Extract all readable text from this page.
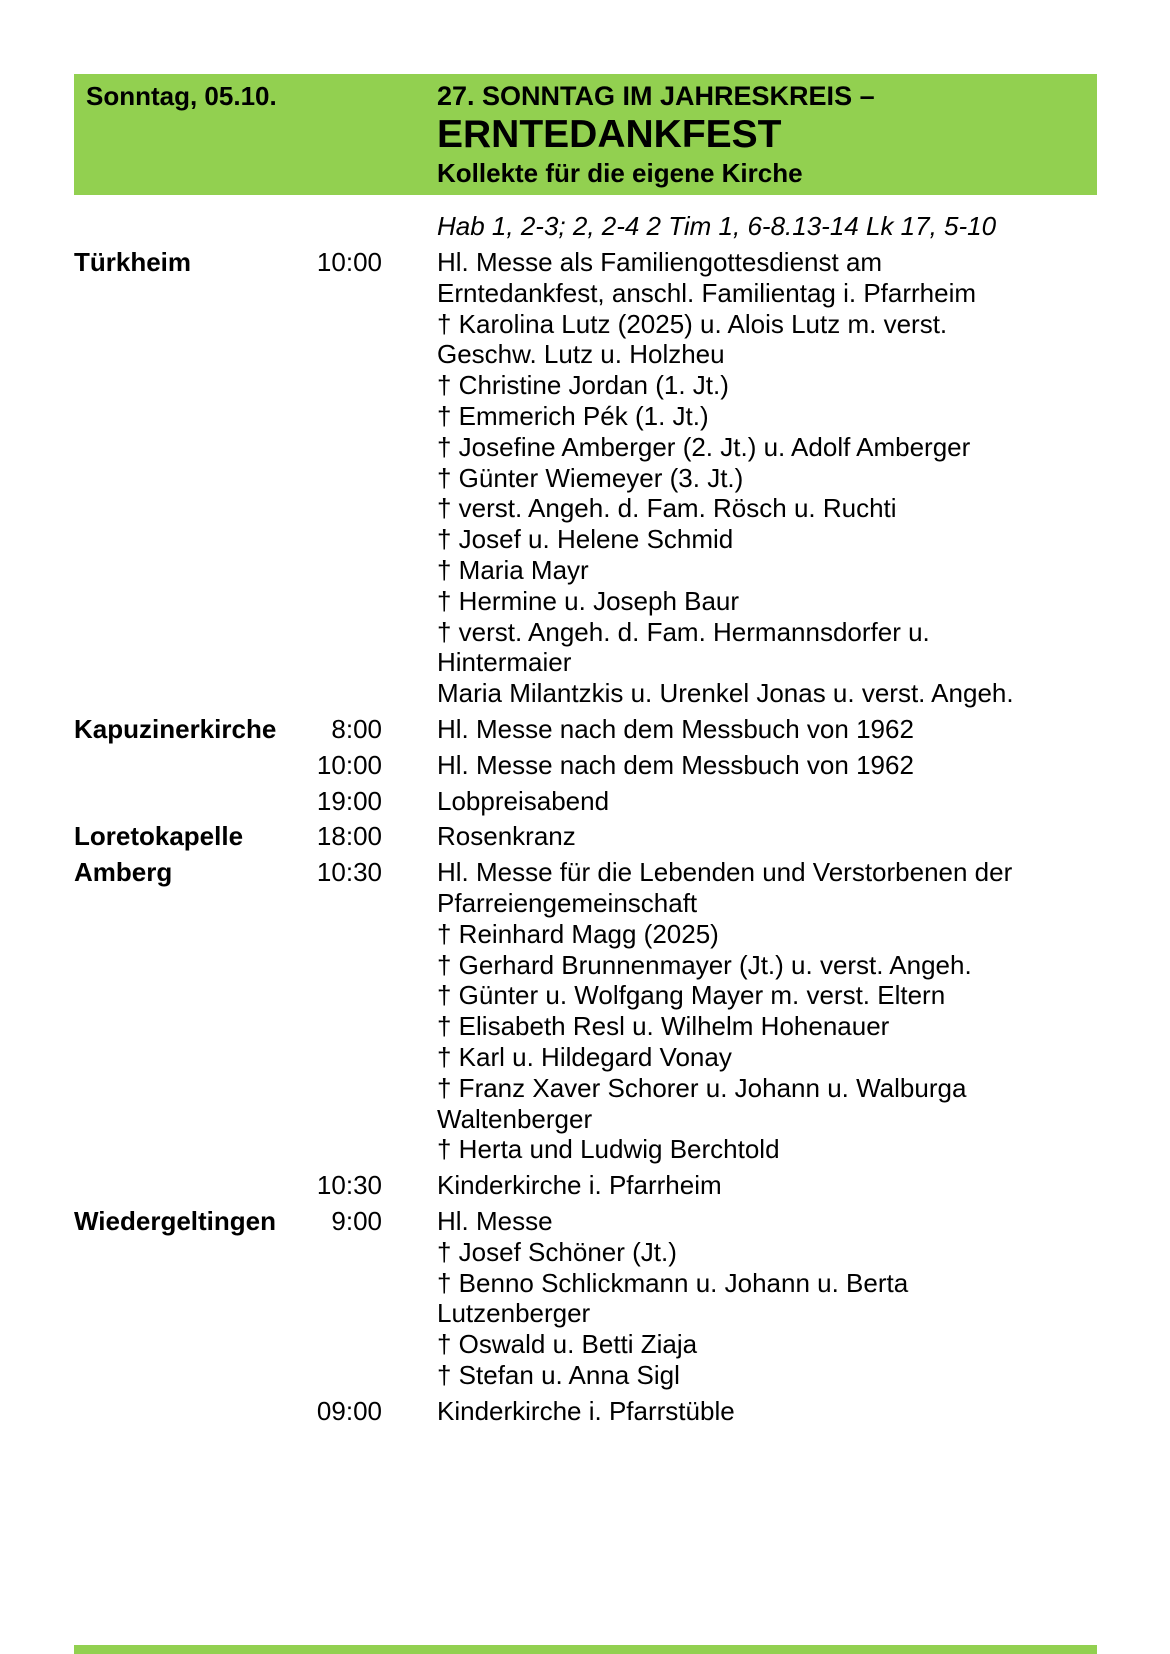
Sonntag, 05.10.	27. SONNTAG IM JAHRESKREIS –
ERNTEDANKFEST
Kollekte für die eigene Kirche
Hab 1, 2-3; 2, 2-4 2 Tim 1, 6-8.13-14 Lk 17, 5-10
Türkheim	10:00 Hl. Messe als Familiengottesdienst am

Erntedankfest, anschl. Familientag i. Pfarrheim

† Karolina Lutz (2025) u. Alois Lutz m. verst.

Geschw. Lutz u. Holzheu

† Christine Jordan (1. Jt.)

† Emmerich Pék (1. Jt.)

† Josefine Amberger (2. Jt.) u. Adolf Amberger

† Günter Wiemeyer (3. Jt.)

† verst. Angeh. d. Fam. Rösch u. Ruchti

† Josef u. Helene Schmid

† Maria Mayr

† Hermine u. Joseph Baur

† verst. Angeh. d. Fam. Hermannsdorfer u.

Hintermaier

Maria Milantzkis u. Urenkel Jonas u. verst. Angeh.

Kapuzinerkirche	8:00 Hl. Messe nach dem Messbuch von 1962

10:00 Hl. Messe nach dem Messbuch von 1962

19:00 Lobpreisabend

Loretokapelle	18:00 Rosenkranz

Amberg	10:30 Hl. Messe für die Lebenden und Verstorbenen der

Pfarreiengemeinschaft

† Reinhard Magg (2025)

† Gerhard Brunnenmayer (Jt.) u. verst. Angeh.

† Günter u. Wolfgang Mayer m. verst. Eltern

† Elisabeth Resl u. Wilhelm Hohenauer

† Karl u. Hildegard Vonay

† Franz Xaver Schorer u. Johann u. Walburga

Waltenberger

† Herta und Ludwig Berchtold

10:30 Kinderkirche i. Pfarrheim

Wiedergeltingen	9:00 Hl. Messe

† Josef Schöner (Jt.)

† Benno Schlickmann u. Johann u. Berta

Lutzenberger

† Oswald u. Betti Ziaja

† Stefan u. Anna Sigl

09:00 Kinderkirche i. Pfarrstüble
